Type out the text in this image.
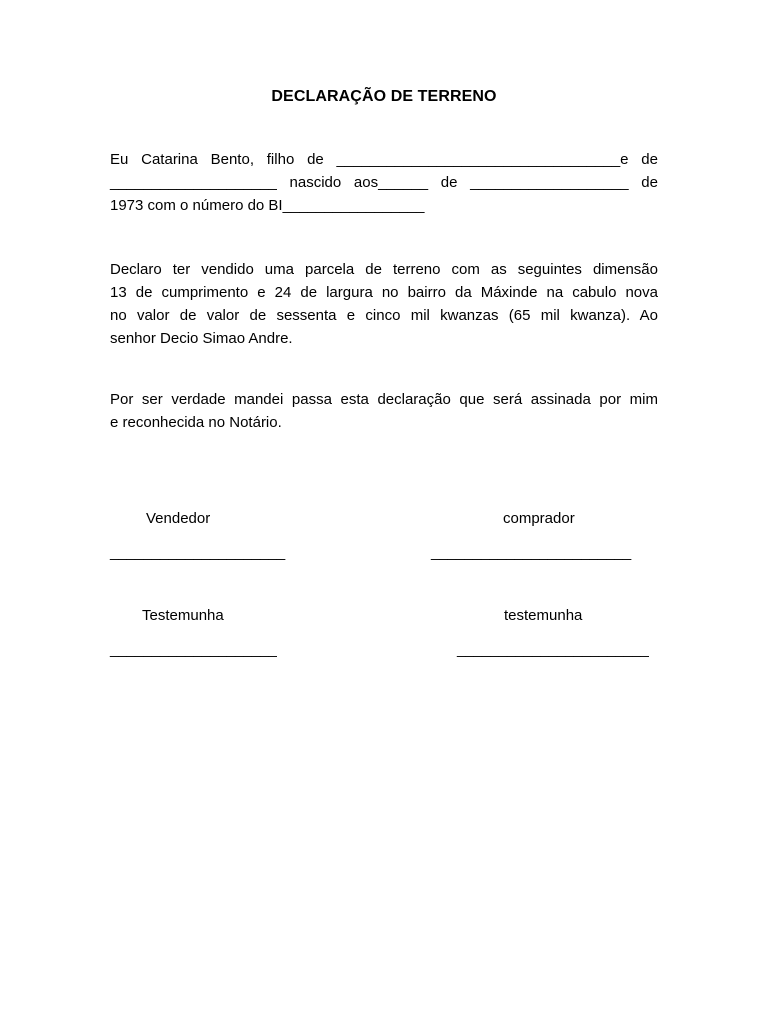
DECLARAÇÃO DE TERRENO
Eu Catarina Bento, filho de __________________________________e de
____________________ nascido aos______ de ___________________ de
1973 com o número do BI_________________
Declaro ter vendido uma parcela de terreno com as seguintes dimensão
13 de cumprimento e 24 de largura no bairro da Máxinde na cabulo nova
no valor de valor de sessenta e cinco mil kwanzas (65 mil kwanza). Ao
senhor Decio Simao Andre.
Por ser verdade mandei passa esta declaração que será assinada por mim
e reconhecida no Notário.
Vendedor
_____________________
comprador
________________________
Testemunha
____________________
testemunha
_______________________
